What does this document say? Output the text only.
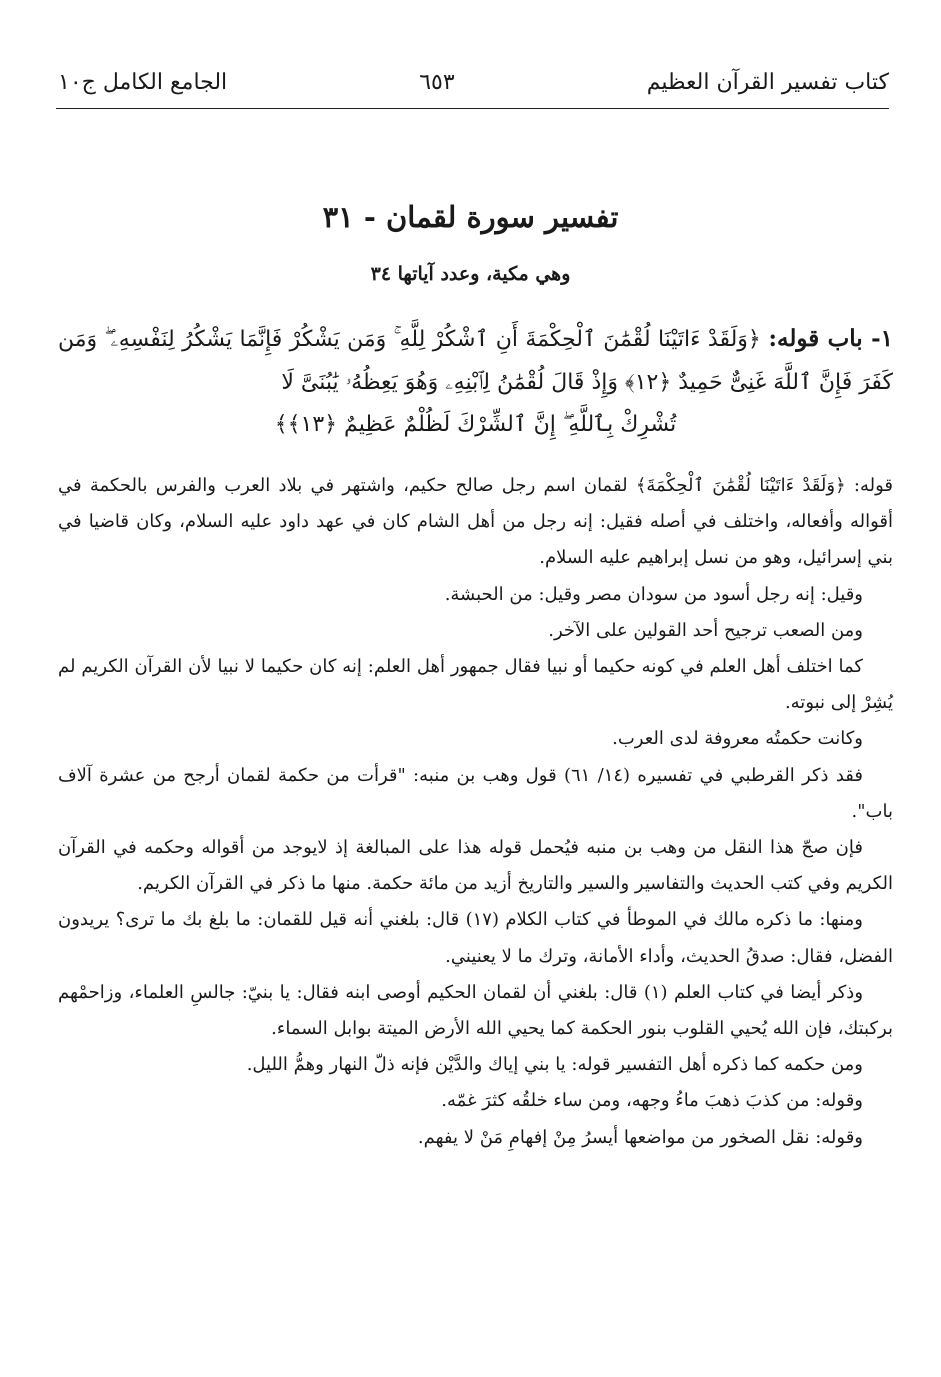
كتاب تفسير القرآن العظيم
٦٥٣
الجامع الكامل ج١٠
تفسير سورة لقمان - ٣١
وهي مكية، وعدد آياتها ٣٤
١- باب قوله: ﴿وَلَقَدْ ءَاتَيْنَا لُقْمَٰنَ ٱلْحِكْمَةَ أَنِ ٱشْكُرْ لِلَّهِ ۚ وَمَن يَشْكُرْ فَإِنَّمَا يَشْكُرُ لِنَفْسِهِۦ ۖ وَمَن كَفَرَ فَإِنَّ ٱللَّهَ غَنِىٌّ حَمِيدٌ ﴿١٢﴾ وَإِذْ قَالَ لُقْمَٰنُ لِٱبْنِهِۦ وَهُوَ يَعِظُهُۥ يَٰبُنَىَّ لَا
تُشْرِكْ بِٱللَّهِ ۖ إِنَّ ٱلشِّرْكَ لَظُلْمٌ عَظِيمٌ ﴿١٣﴾﴾

قوله: ﴿وَلَقَدْ ءَاتَيْنَا لُقْمَٰنَ ٱلْحِكْمَةَ﴾ لقمان اسم رجل صالح حكيم، واشتهر في بلاد العرب والفرس بالحكمة في أقواله وأفعاله، واختلف في أصله فقيل: إنه رجل من أهل الشام كان في عهد داود عليه السلام، وكان قاضيا في بني إسرائيل، وهو من نسل إبراهيم عليه السلام.

وقيل: إنه رجل أسود من سودان مصر وقيل: من الحبشة.

ومن الصعب ترجيح أحد القولين على الآخر.

كما اختلف أهل العلم في كونه حكيما أو نبيا فقال جمهور أهل العلم: إنه كان حكيما لا نبيا لأن القرآن الكريم لم يُشِرْ إلى نبوته.

وكانت حكمتُه معروفة لدى العرب.

فقد ذكر القرطبي في تفسيره (١٤/ ٦١) قول وهب بن منبه: "قرأت من حكمة لقمان أرجح من عشرة آلاف باب".

فإن صحّ هذا النقل من وهب بن منبه فيُحمل قوله هذا على المبالغة إذ لايوجد من أقواله وحكمه في القرآن الكريم وفي كتب الحديث والتفاسير والسير والتاريخ أزيد من مائة حكمة. منها ما ذكر في القرآن الكريم.

ومنها: ما ذكره مالك في الموطأ في كتاب الكلام (١٧) قال: بلغني أنه قيل للقمان: ما بلغ بك ما ترى؟ يريدون الفضل، فقال: صدقُ الحديث، وأداء الأمانة، وترك ما لا يعنيني.

وذكر أيضا في كتاب العلم (١) قال: بلغني أن لقمان الحكيم أوصى ابنه فقال: يا بنيّ: جالسِ العلماء، وزاحمْهم بركبتك، فإن الله يُحيي القلوب بنور الحكمة كما يحيي الله الأرض الميتة بوابل السماء.

ومن حكمه كما ذكره أهل التفسير قوله: يا بني إياك والدَّيْن فإنه ذلّ النهار وهمُّ الليل.

وقوله: من كذبَ ذهبَ ماءُ وجهه، ومن ساء خلقُه كثرَ غمّه.

وقوله: نقل الصخور من مواضعها أيسرُ مِنْ إفهامِ مَنْ لا يفهم.
